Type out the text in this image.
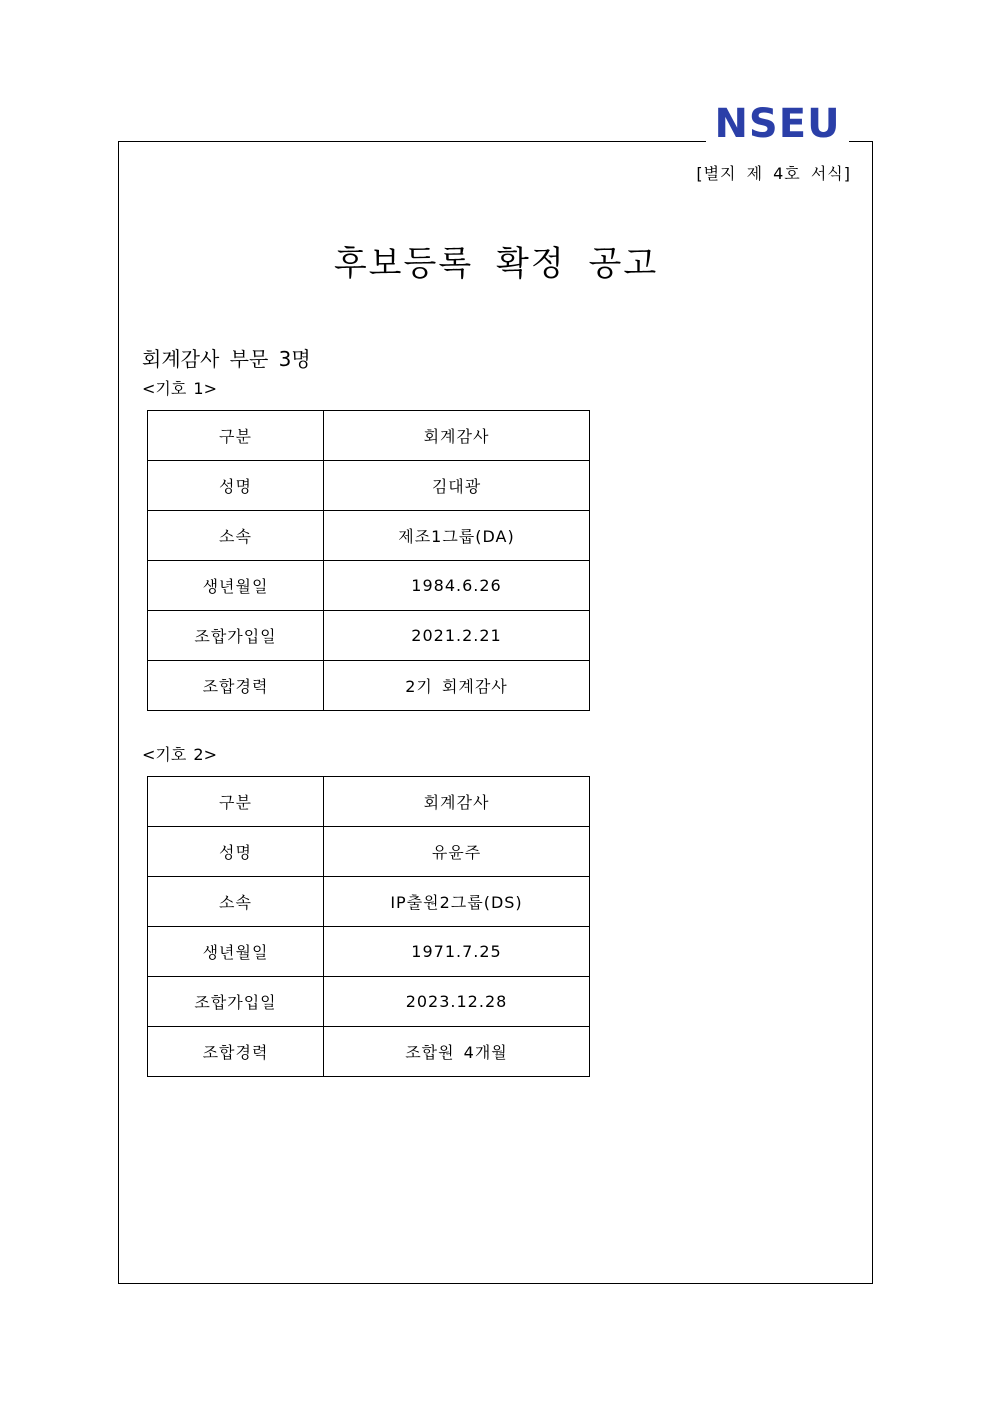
NSEU
[별지 제 4호 서식]
후보등록 확정 공고
회계감사 부문 3명
<기호 1>
구분	회계감사
성명	김대광
소속	제조1그룹(DA)
생년월일	1984.6.26
조합가입일	2021.2.21
조합경력	2기 회계감사
<기호 2>
구분	회계감사
성명	유윤주
소속	IP출원2그룹(DS)
생년월일	1971.7.25
조합가입일	2023.12.28
조합경력	조합원 4개월
